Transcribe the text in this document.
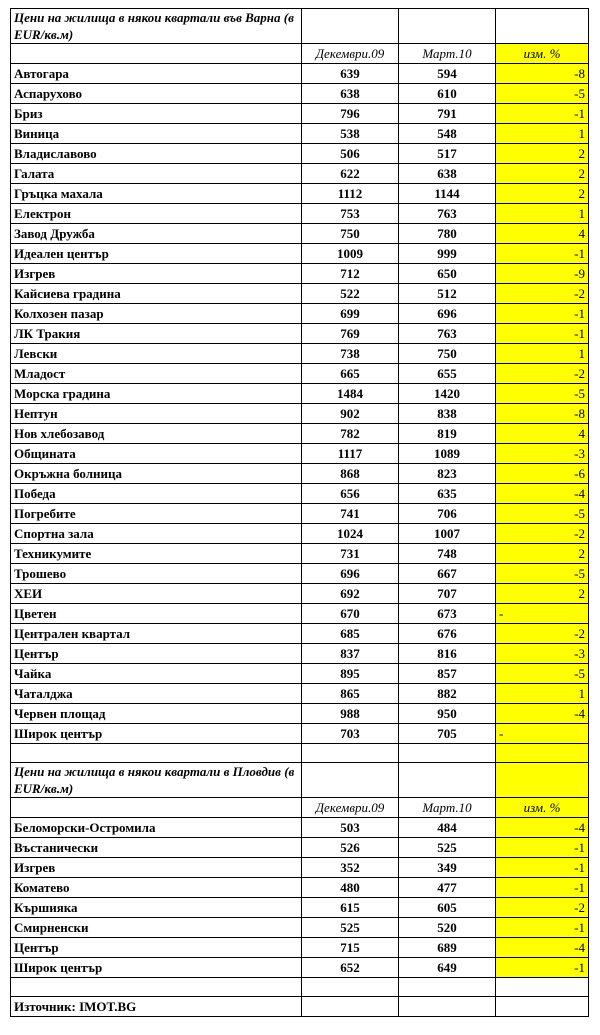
Цени на жилища в някои квартали във Варна (в EUR/кв.м)			
	Декември.09	Март.10	изм. %
Автогара	639	594	-8
Аспарухово	638	610	-5
Бриз	796	791	-1
Виница	538	548	1
Владиславово	506	517	2
Галата	622	638	2
Гръцка махала	1112	1144	2
Електрон	753	763	1
Завод Дружба	750	780	4
Идеален център	1009	999	-1
Изгрев	712	650	-9
Кайсиева градина	522	512	-2
Колхозен пазар	699	696	-1
ЛК Тракия	769	763	-1
Левски	738	750	1
Младост	665	655	-2
Морска градина	1484	1420	-5
Нептун	902	838	-8
Нов хлебозавод	782	819	4
Общината	1117	1089	-3
Окръжна болница	868	823	-6
Победа	656	635	-4
Погребите	741	706	-5
Спортна зала	1024	1007	-2
Техникумите	731	748	2
Трошево	696	667	-5
ХЕИ	692	707	2
Цветен	670	673	-
Централен квартал	685	676	-2
Център	837	816	-3
Чайка	895	857	-5
Чаталджа	865	882	1
Червен площад	988	950	-4
Широк център	703	705	-

Цени на жилища в някои квартали в Пловдив (в EUR/кв.м)			
	Декември.09	Март.10	изм. %
Беломорски-Остромила	503	484	-4
Въстанически	526	525	-1
Изгрев	352	349	-1
Коматево	480	477	-1
Кършияка	615	605	-2
Смирненски	525	520	-1
Център	715	689	-4
Широк център	652	649	-1

Източник: IMOT.BG			
